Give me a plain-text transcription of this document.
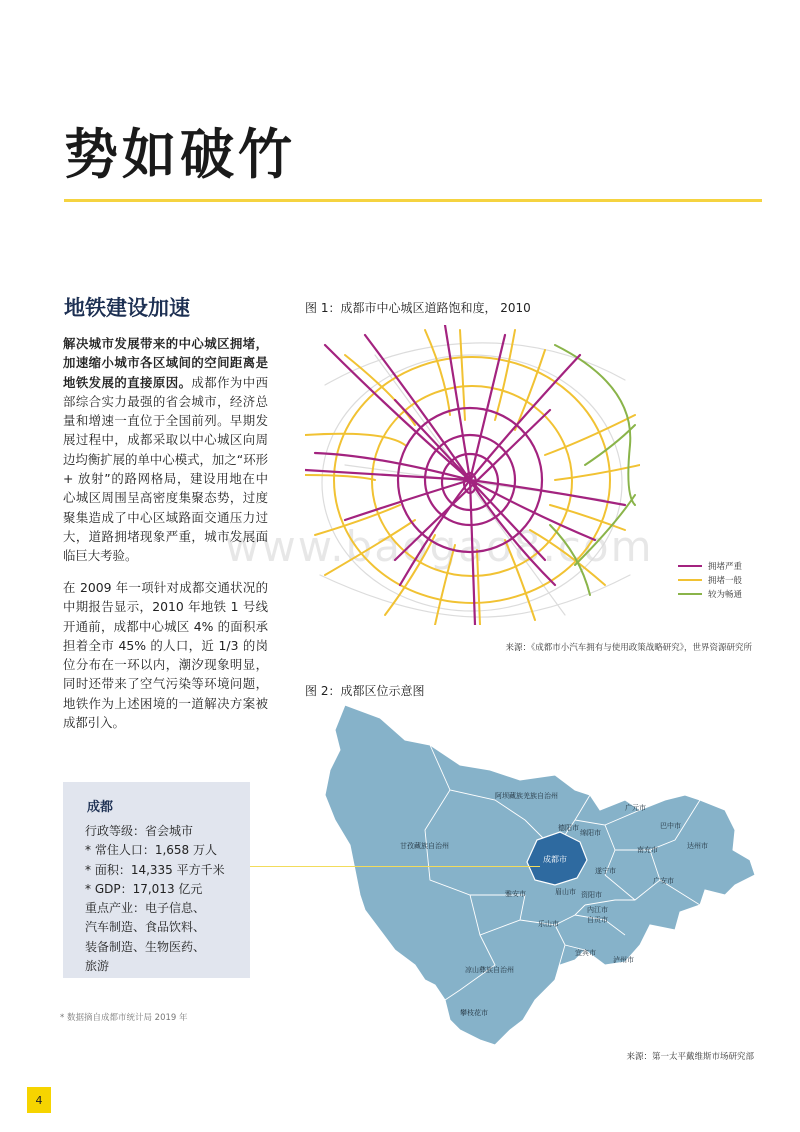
势如破竹
地铁建设加速

解决城市发展带来的中心城区拥堵，加速缩小城市各区域间的空间距离是地铁发展的直接原因。成都作为中西部综合实力最强的省会城市，经济总量和增速一直位于全国前列。早期发展过程中，成都采取以中心城区向周边均衡扩展的单中心模式，加之“环形 + 放射”的路网格局，建设用地在中心城区周围呈高密度集聚态势，过度聚集造成了中心区域路面交通压力过大，道路拥堵现象严重，城市发展面临巨大考验。

在 2009 年一项针对成都交通状况的中期报告显示，2010 年地铁 1 号线开通前，成都中心城区 4% 的面积承担着全市 45% 的人口，近 1/3 的岗位分布在一环以内，潮汐现象明显，同时还带来了空气污染等环境问题，地铁作为上述困境的一道解决方案被成都引入。

www.baogao8.com
图 1：成都市中心城区道路饱和度， 2010
拥堵严重
拥堵一般
较为畅通
来源：《成都市小汽车拥有与使用政策战略研究》，世界资源研究所
图 2：成都区位示意图
阿坝藏族羌族自治州
甘孜藏族自治州
成都市
德阳市
绵阳市
广元市
巴中市
达州市
南充市
遂宁市
广安市
雅安市	眉山市 资阳市
乐山市
内江市
自贡市
宜宾市
泸州市
凉山彝族自治州
攀枝花市
来源：第一太平戴维斯市场研究部
成都
行政等级：省会城市
* 常住人口：1,658 万人
* 面积：14,335 平方千米
* GDP：17,013 亿元
重点产业：电子信息、
汽车制造、食品饮料、
装备制造、生物医药、
旅游
* 数据摘自成都市统计局 2019 年
4
